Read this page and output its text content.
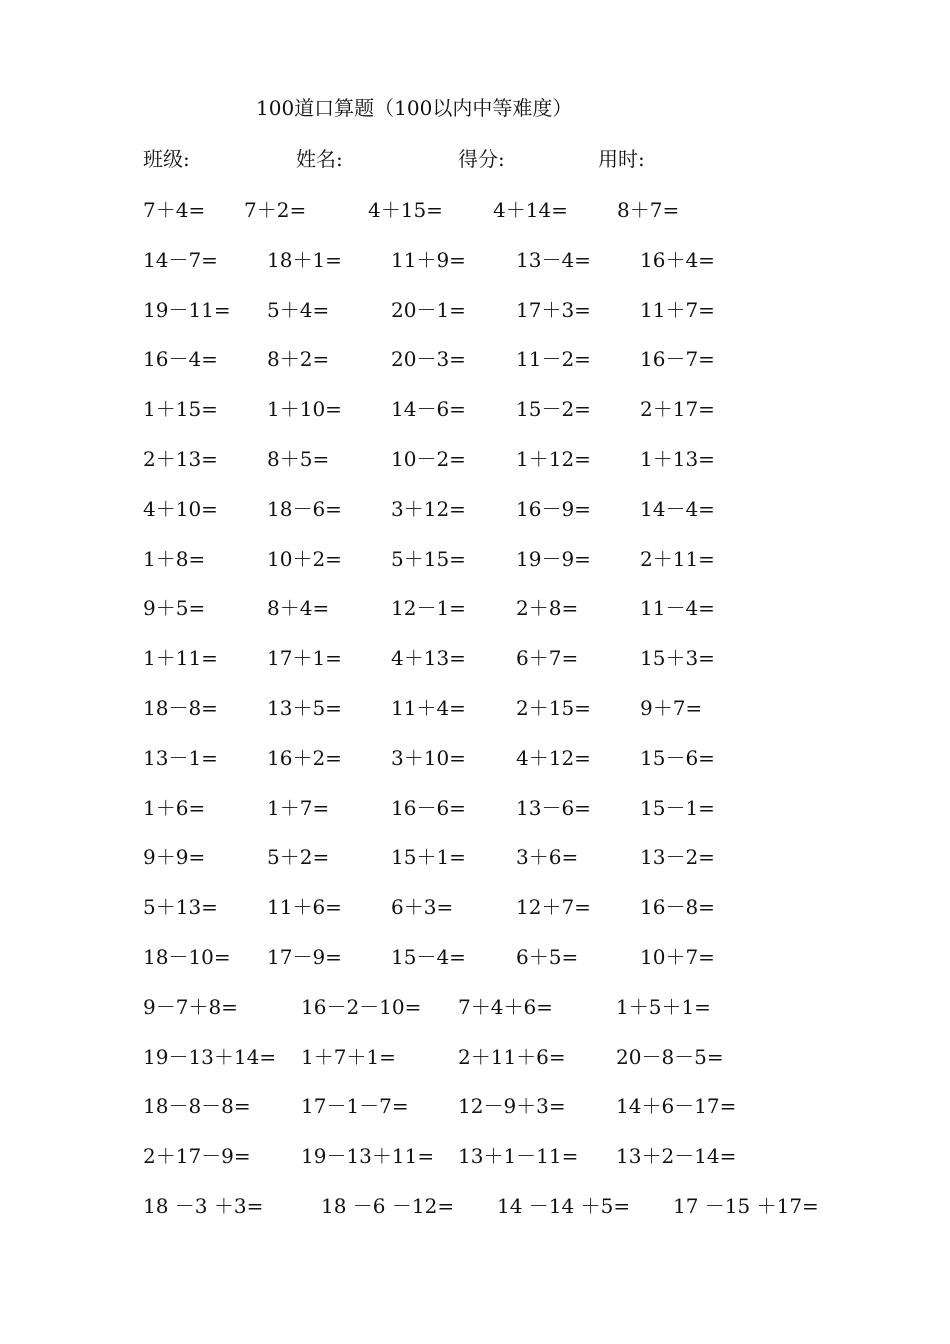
100道口算题（100以内中等难度）
班级:	姓名:	得分:	用时:
7＋4= 7＋2=	4＋15=	4＋14= 8＋7=
14－7= 18＋1= 11＋9=	13－4= 16＋4=
19－11= 5＋4=	20－1=	17＋3= 11＋7=
16－4= 8＋2=	20－3=	11－2= 16－7=
1＋15= 1＋10= 14－6=	15－2= 2＋17=
2＋13= 8＋5=	10－2=	1＋12= 1＋13=
4＋10= 18－6= 3＋12=	16－9= 14－4=
1＋8=	10＋2= 5＋15=	19－9= 2＋11=
9＋5=	8＋4=	12－1=	2＋8=	11－4=
1＋11= 17＋1= 4＋13=	6＋7=	15＋3=
18－8= 13＋5= 11＋4=	2＋15= 9＋7=
13－1= 16＋2= 3＋10=	4＋12= 15－6=
1＋6=	1＋7=	16－6=	13－6= 15－1=
9＋9=	5＋2=	15＋1=	3＋6=	13－2=
5＋13= 11＋6= 6＋3=	12＋7= 16－8=
18－10= 17－9= 15－4=	6＋5=	10＋7=
9－7＋8=	16－2－10= 7＋4＋6=	1＋5＋1=
19－13＋14= 1＋7＋1=	2＋11＋6=	20－8－5=
18－8－8=	17－1－7= 12－9＋3=	14＋6－17=
2＋17－9=	19－13＋11= 13＋1－11= 13＋2－14=
18 －3 ＋3=	18 －6 －12= 14 －14 ＋5= 17 －15 ＋17=
